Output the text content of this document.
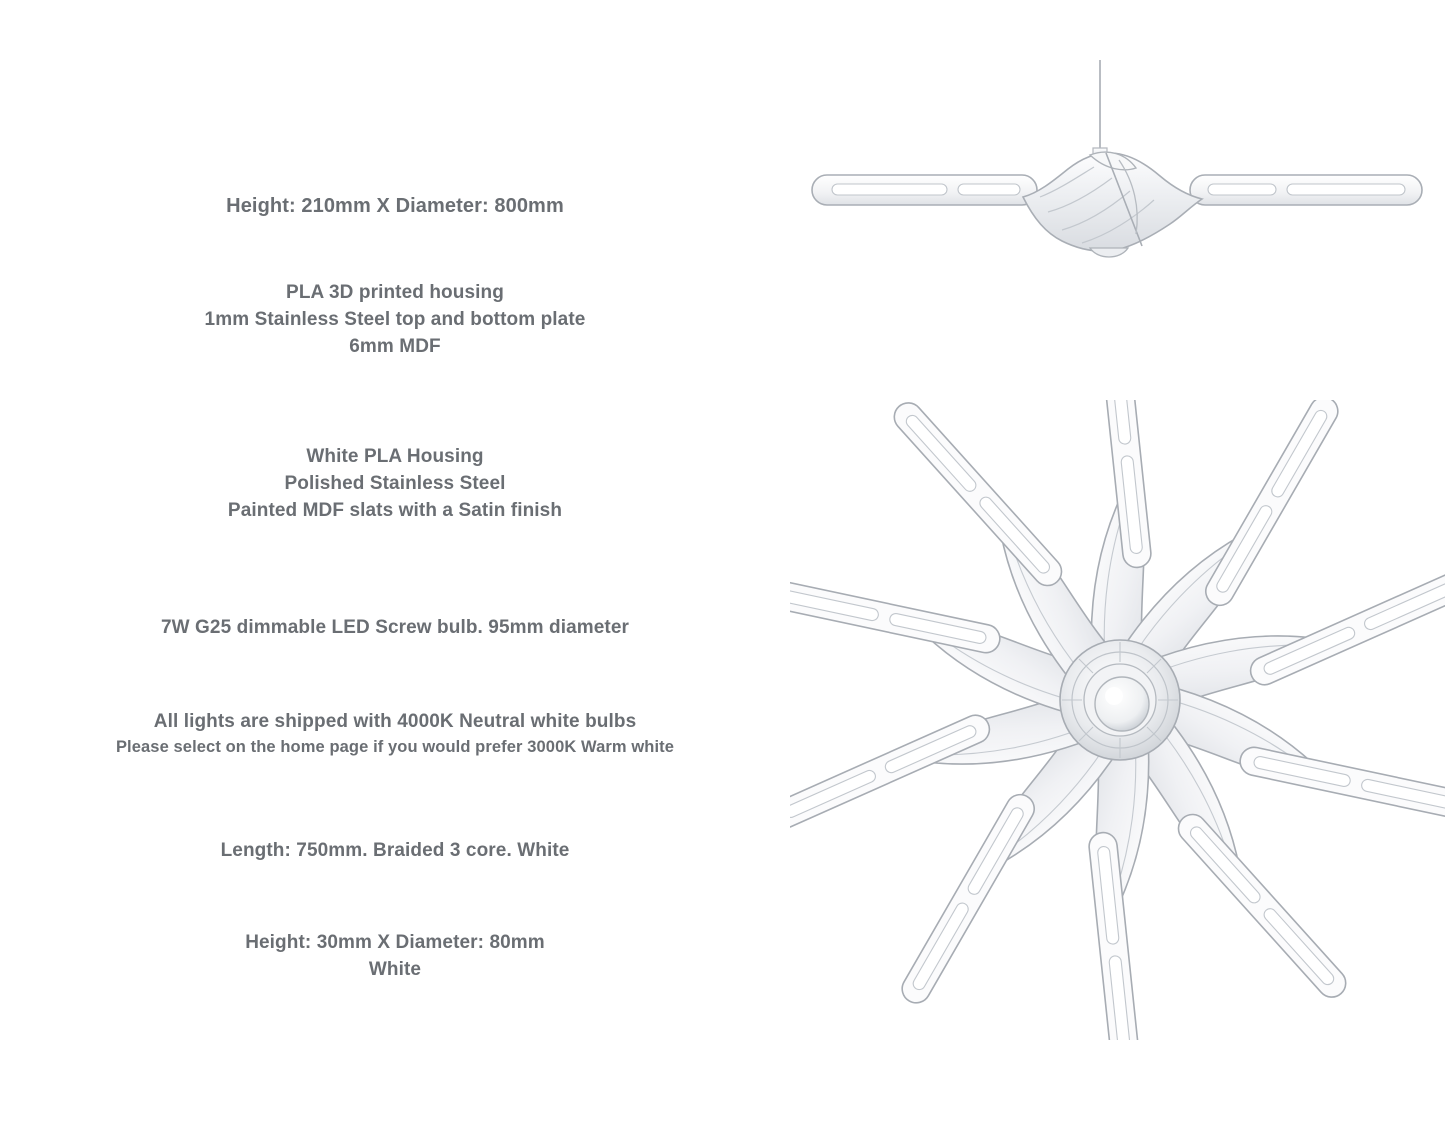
Height: 210mm X Diameter: 800mm
PLA 3D printed housing
1mm Stainless Steel top and bottom plate
6mm MDF
White PLA Housing
Polished Stainless Steel
Painted MDF slats with a Satin finish
7W G25 dimmable LED Screw bulb. 95mm diameter
All lights are shipped with 4000K Neutral white bulbs
Please select on the home page if you would prefer 3000K Warm white
Length: 750mm. Braided 3 core. White
Height: 30mm X Diameter: 80mm
White
